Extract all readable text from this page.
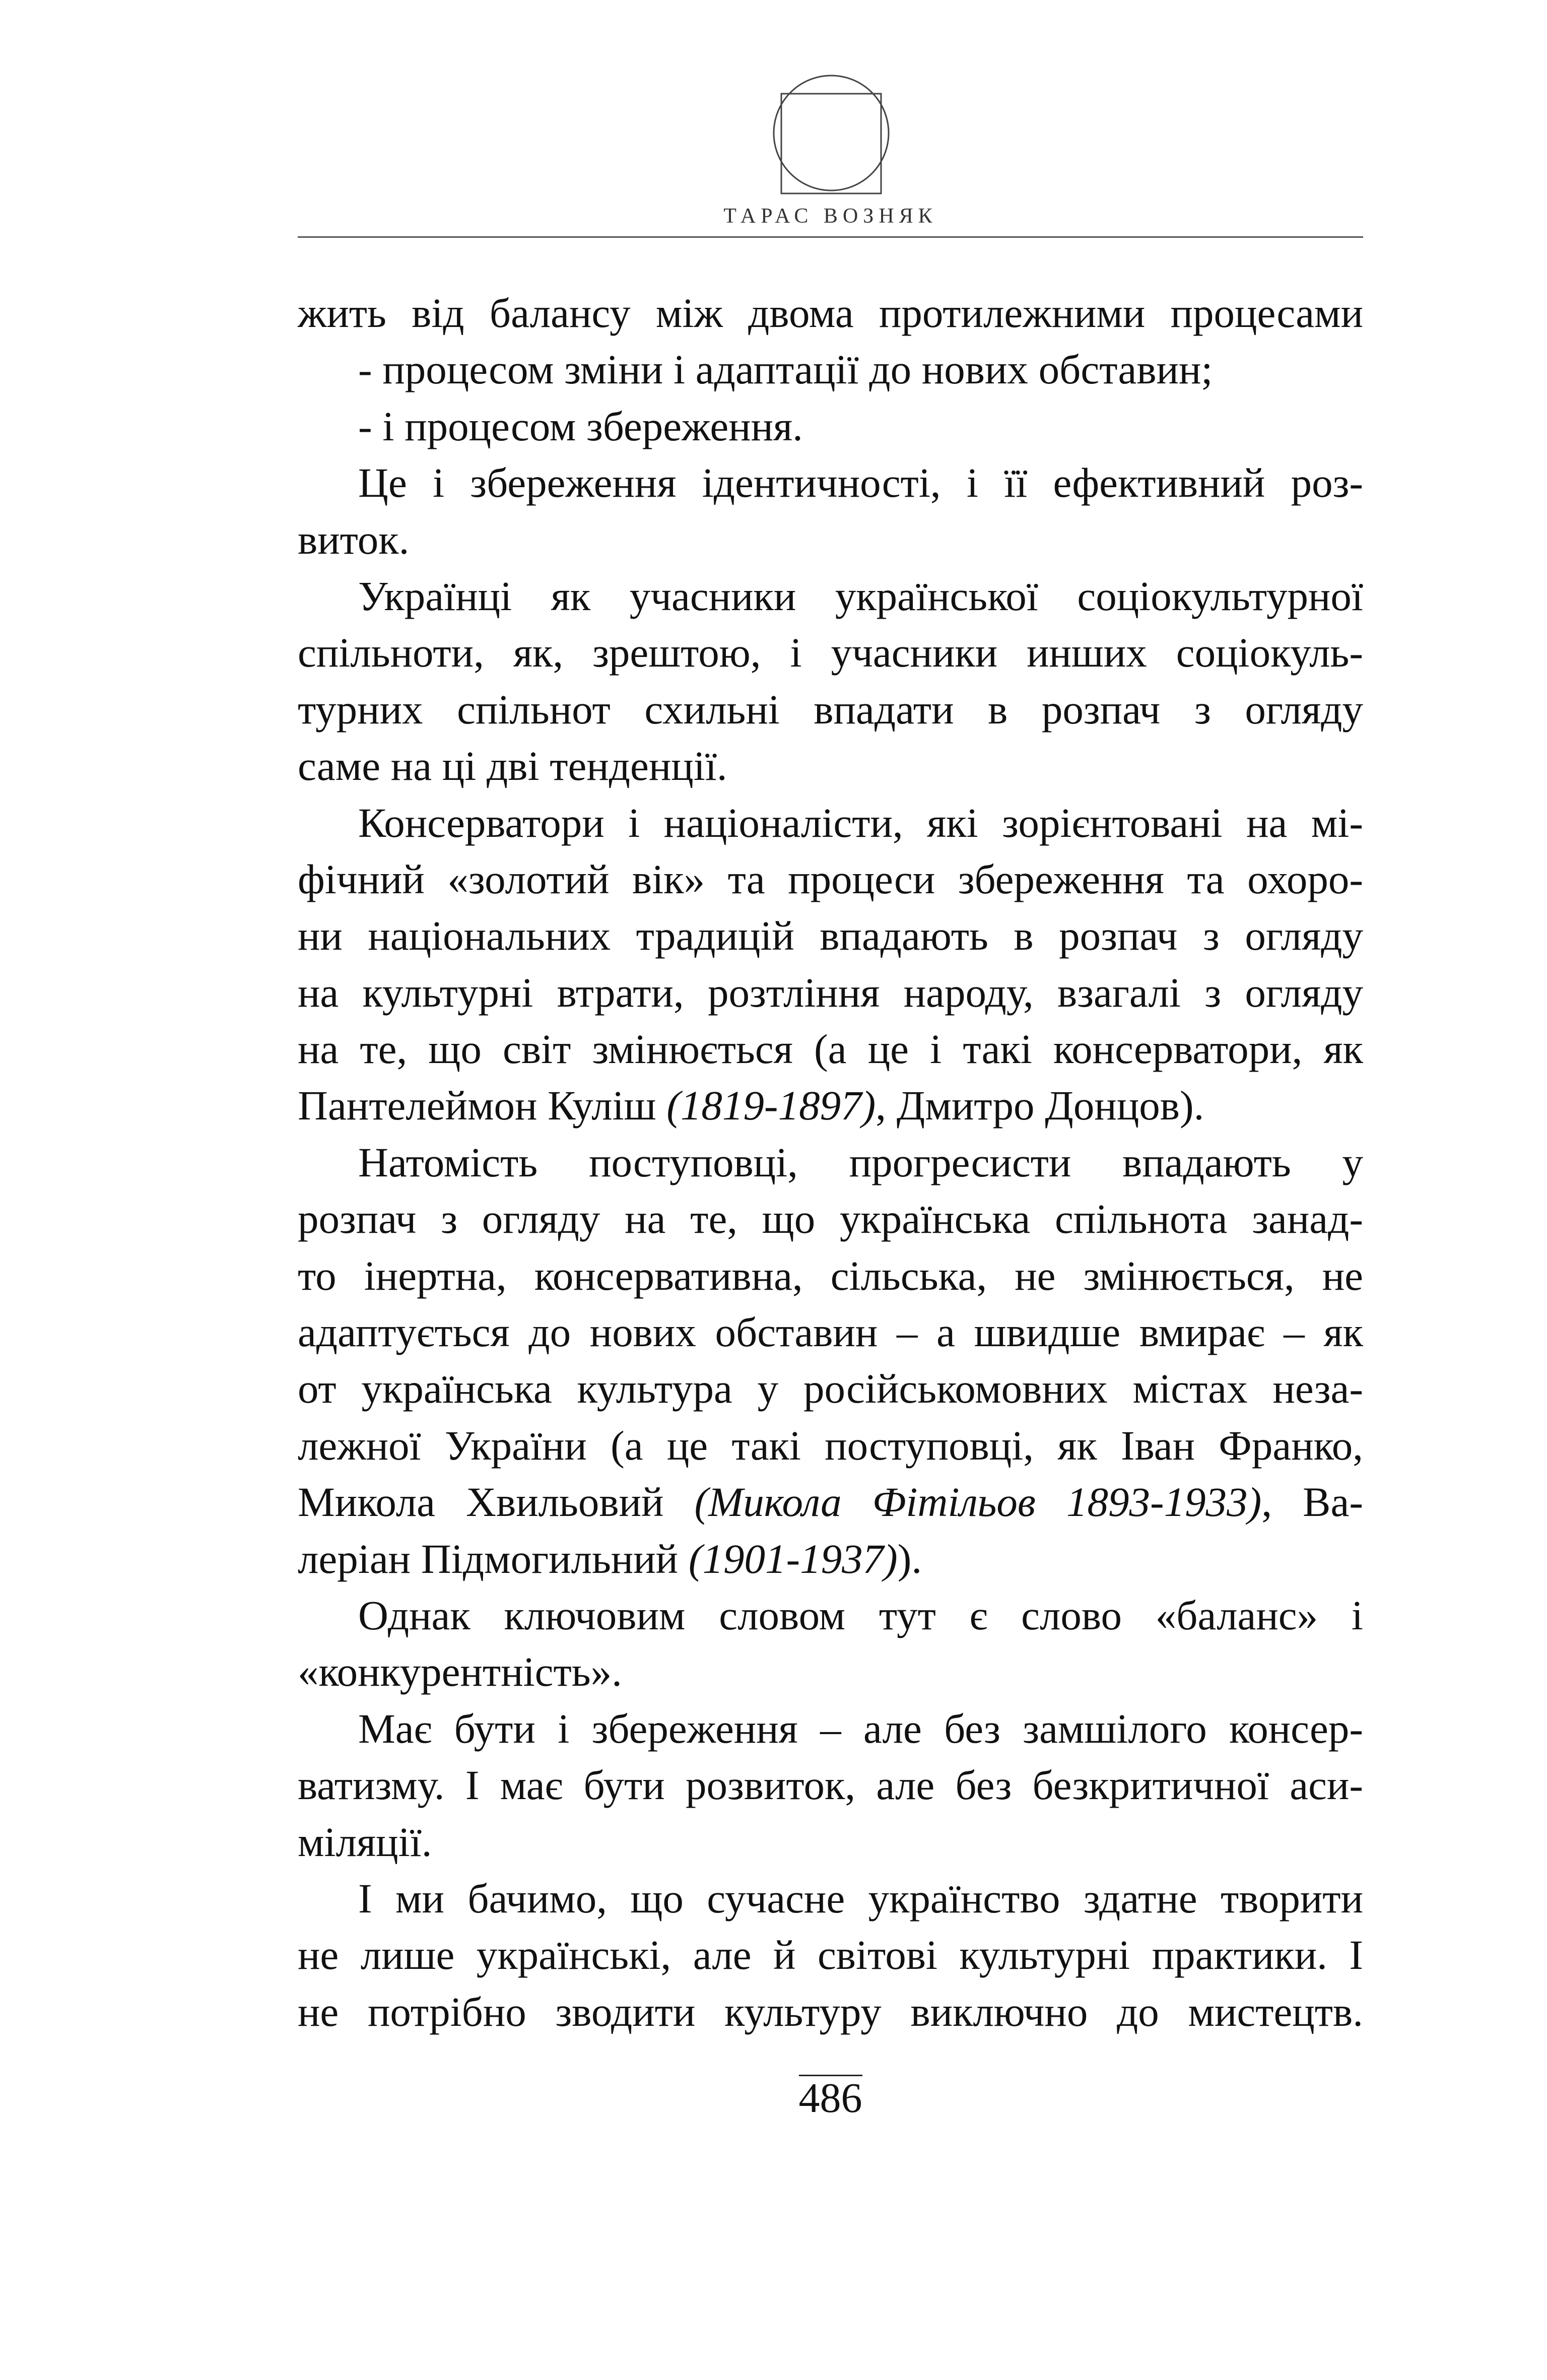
ТАРАС ВОЗНЯК
жить від балансу між двома протилежними процесами
- процесом зміни і адаптації до нових обставин;
- і процесом збереження.
Це і збереження ідентичності, і її ефективний роз-
виток.
Українці як учасники української соціокультурної
спільноти, як, зрештою, і учасники инших соціокуль-
турних спільнот схильні впадати в розпач з огляду
саме на ці дві тенденції.
Консерватори і націоналісти, які зорієнтовані на мі-
фічний «золотий вік» та процеси збереження та охоро-
ни національних традицій впадають в розпач з огляду
на культурні втрати, розтління народу, взагалі з огляду
на те, що світ змінюється (а це і такі консерватори, як
Пантелеймон Куліш (1819-1897), Дмитро Донцов).
Натомість поступовці, прогресисти впадають у
розпач з огляду на те, що українська спільнота занад-
то інертна, консервативна, сільська, не змінюється, не
адаптується до нових обставин – а швидше вмирає – як
от українська культура у російськомовних містах неза-
лежної України (а це такі поступовці, як Іван Франко,
Микола Хвильовий (Микола Фітільов 1893-1933), Ва-
леріан Підмогильний (1901-1937)).
Однак ключовим словом тут є слово «баланс» і
«конкурентність».
Має бути і збереження – але без замшілого консер-
ватизму. І має бути розвиток, але без безкритичної аси-
міляції.
І ми бачимо, що сучасне українство здатне творити
не лише українські, але й світові культурні практики. І
не потрібно зводити культуру виключно до мистецтв.
486
